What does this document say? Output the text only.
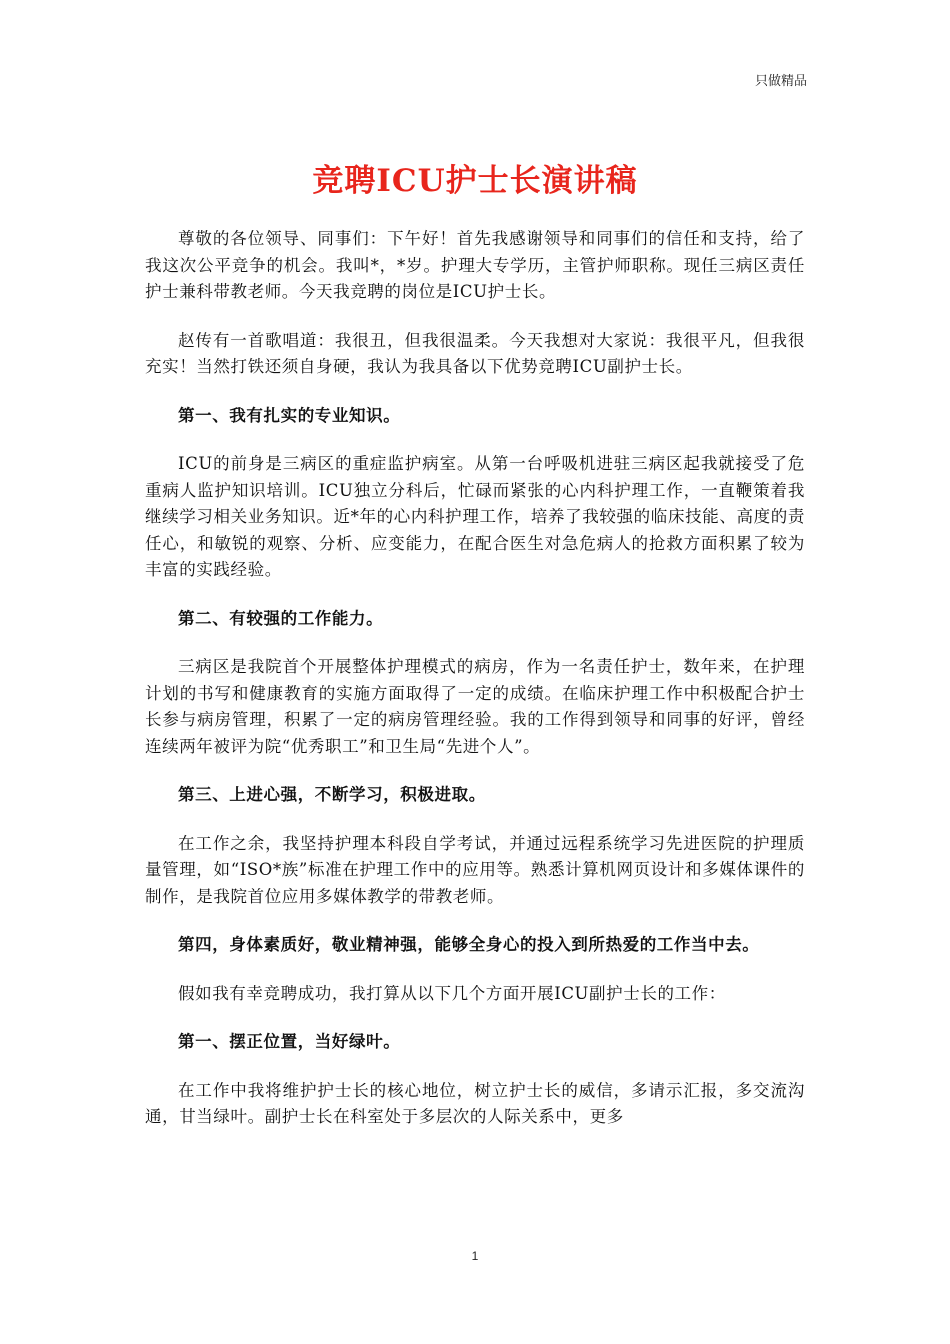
只做精品
竞聘ICU护士长演讲稿

尊敬的各位领导、同事们：下午好！首先我感谢领导和同事们的信任和支持，给了我这次公平竞争的机会。我叫*，*岁。护理大专学历，主管护师职称。现任三病区责任护士兼科带教老师。今天我竞聘的岗位是ICU护士长。

赵传有一首歌唱道：我很丑，但我很温柔。今天我想对大家说：我很平凡，但我很充实！当然打铁还须自身硬，我认为我具备以下优势竞聘ICU副护士长。

第一、我有扎实的专业知识。

ICU的前身是三病区的重症监护病室。从第一台呼吸机进驻三病区起我就接受了危重病人监护知识培训。ICU独立分科后，忙碌而紧张的心内科护理工作，一直鞭策着我继续学习相关业务知识。近*年的心内科护理工作，培养了我较强的临床技能、高度的责任心，和敏锐的观察、分析、应变能力，在配合医生对急危病人的抢救方面积累了较为丰富的实践经验。

第二、有较强的工作能力。

三病区是我院首个开展整体护理模式的病房，作为一名责任护士，数年来，在护理计划的书写和健康教育的实施方面取得了一定的成绩。在临床护理工作中积极配合护士长参与病房管理，积累了一定的病房管理经验。我的工作得到领导和同事的好评，曾经连续两年被评为院“优秀职工”和卫生局“先进个人”。

第三、上进心强，不断学习，积极进取。

在工作之余，我坚持护理本科段自学考试，并通过远程系统学习先进医院的护理质量管理，如“ISO*族”标准在护理工作中的应用等。熟悉计算机网页设计和多媒体课件的制作，是我院首位应用多媒体教学的带教老师。

第四，身体素质好，敬业精神强，能够全身心的投入到所热爱的工作当中去。

假如我有幸竞聘成功，我打算从以下几个方面开展ICU副护士长的工作：

第一、摆正位置，当好绿叶。

在工作中我将维护护士长的核心地位，树立护士长的威信，多请示汇报，多交流沟通，甘当绿叶。副护士长在科室处于多层次的人际关系中，更多

1
